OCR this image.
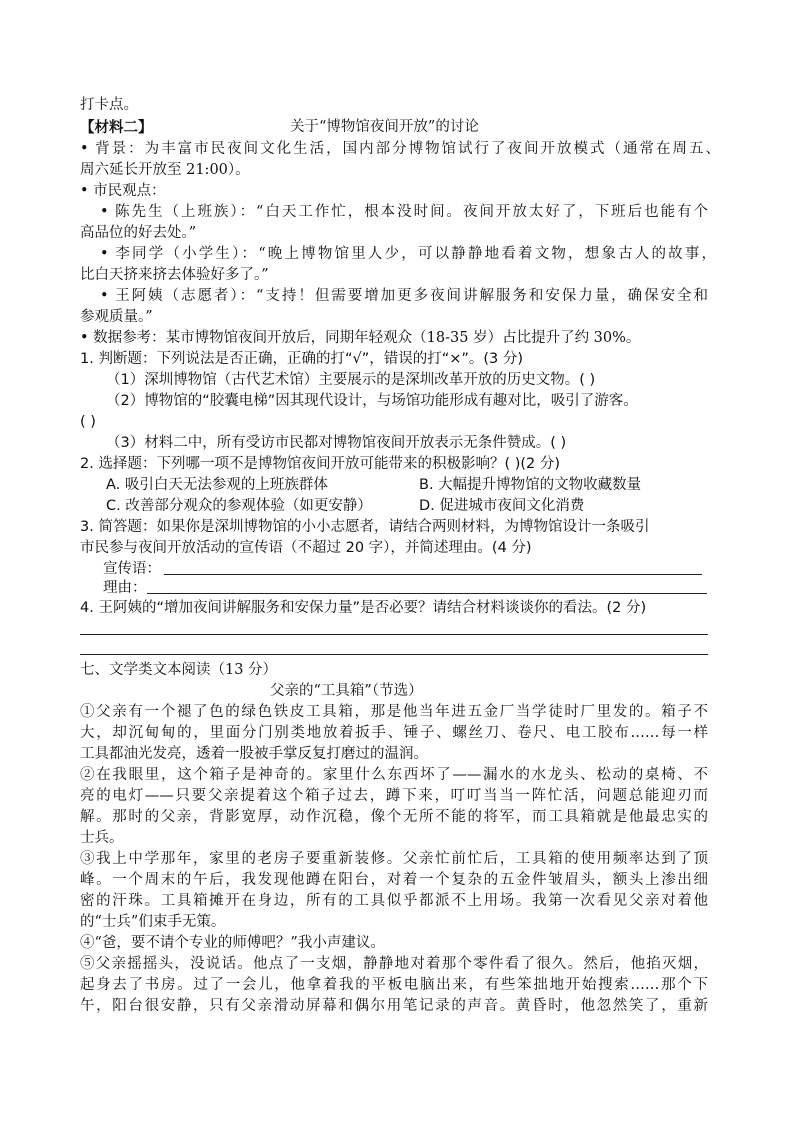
打卡点。
【材料二】	关于“博物馆夜间开放”的讨论
• 背景：为丰富市民夜间文化生活，国内部分博物馆试行了夜间开放模式（通常在周五、
周六延长开放至 21:00）。
• 市民观点：
• 陈先生（上班族）：“白天工作忙，根本没时间。夜间开放太好了，下班后也能有个
高品位的好去处。”
• 李同学（小学生）：“晚上博物馆里人少，可以静静地看着文物，想象古人的故事，
比白天挤来挤去体验好多了。”
• 王阿姨（志愿者）：“支持！但需要增加更多夜间讲解服务和安保力量，确保安全和
参观质量。”
• 数据参考：某市博物馆夜间开放后，同期年轻观众（18-35 岁）占比提升了约 30%。
1. 判断题：下列说法是否正确，正确的打“√”，错误的打“×”。(3 分)
（1）深圳博物馆（古代艺术馆）主要展示的是深圳改革开放的历史文物。( )
（2）博物馆的“胶囊电梯”因其现代设计，与场馆功能形成有趣对比，吸引了游客。
( )
（3）材料二中，所有受访市民都对博物馆夜间开放表示无条件赞成。( )
2. 选择题：下列哪一项不是博物馆夜间开放可能带来的积极影响？( )(2 分)
A. 吸引白天无法参观的上班族群体	B. 大幅提升博物馆的文物收藏数量
C. 改善部分观众的参观体验（如更安静）	D. 促进城市夜间文化消费
3. 简答题：如果你是深圳博物馆的小小志愿者，请结合两则材料，为博物馆设计一条吸引
市民参与夜间开放活动的宣传语（不超过 20 字），并简述理由。(4 分)
宣传语：
理由：
4. 王阿姨的“增加夜间讲解服务和安保力量”是否必要？请结合材料谈谈你的看法。(2 分)
七、文学类文本阅读（13 分）
父亲的“工具箱”（节选）
①父亲有一个褪了色的绿色铁皮工具箱，那是他当年进五金厂当学徒时厂里发的。箱子不
大，却沉甸甸的，里面分门别类地放着扳手、锤子、螺丝刀、卷尺、电工胶布……每一样
工具都油光发亮，透着一股被手掌反复打磨过的温润。
②在我眼里，这个箱子是神奇的。家里什么东西坏了——漏水的水龙头、松动的桌椅、不
亮的电灯——只要父亲提着这个箱子过去，蹲下来，叮叮当当一阵忙活，问题总能迎刃而
解。那时的父亲，背影宽厚，动作沉稳，像个无所不能的将军，而工具箱就是他最忠实的
士兵。
③我上中学那年，家里的老房子要重新装修。父亲忙前忙后，工具箱的使用频率达到了顶
峰。一个周末的午后，我发现他蹲在阳台，对着一个复杂的五金件皱眉头，额头上渗出细
密的汗珠。工具箱摊开在身边，所有的工具似乎都派不上用场。我第一次看见父亲对着他
的“士兵”们束手无策。
④“爸，要不请个专业的师傅吧？”我小声建议。
⑤父亲摇摇头，没说话。他点了一支烟，静静地对着那个零件看了很久。然后，他掐灭烟，
起身去了书房。过了一会儿，他拿着我的平板电脑出来，有些笨拙地开始搜索……那个下
午，阳台很安静，只有父亲滑动屏幕和偶尔用笔记录的声音。黄昏时，他忽然笑了，重新
